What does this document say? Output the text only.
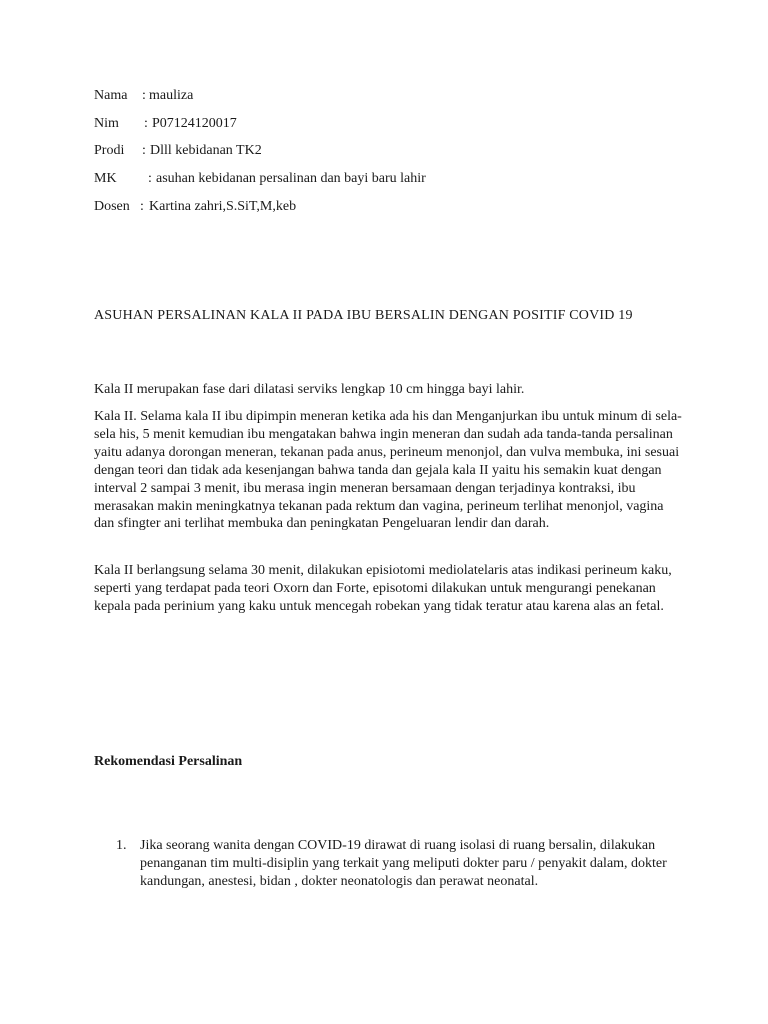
Nama : mauliza
Nim : P07124120017
Prodi : Dlll kebidanan TK2
MK : asuhan kebidanan persalinan dan bayi baru lahir
Dosen : Kartina zahri,S.SiT,M,keb
ASUHAN PERSALINAN KALA II PADA IBU BERSALIN DENGAN POSITIF COVID 19
Kala II merupakan fase dari dilatasi serviks lengkap 10 cm hingga bayi lahir.
Kala II. Selama kala II ibu dipimpin meneran ketika ada his dan Menganjurkan ibu untuk minum di sela-sela his, 5 menit kemudian ibu mengatakan bahwa ingin meneran dan sudah ada tanda-tanda persalinan yaitu adanya dorongan meneran, tekanan pada anus, perineum menonjol, dan vulva membuka, ini sesuai dengan teori dan tidak ada kesenjangan bahwa tanda dan gejala kala II yaitu his semakin kuat dengan interval 2 sampai 3 menit, ibu merasa ingin meneran bersamaan dengan terjadinya kontraksi, ibu merasakan makin meningkatnya tekanan pada rektum dan vagina, perineum terlihat menonjol, vagina dan sfingter ani terlihat membuka dan peningkatan Pengeluaran lendir dan darah.
Kala II berlangsung selama 30 menit, dilakukan episiotomi mediolatelaris atas indikasi perineum kaku, seperti yang terdapat pada teori Oxorn dan Forte, episotomi dilakukan untuk mengurangi penekanan kepala pada perinium yang kaku untuk mencegah robekan yang tidak teratur atau karena alas an fetal.
Rekomendasi Persalinan
1. Jika seorang wanita dengan COVID-19 dirawat di ruang isolasi di ruang bersalin, dilakukan penanganan tim multi-disiplin yang terkait yang meliputi dokter paru / penyakit dalam, dokter kandungan, anestesi, bidan , dokter neonatologis dan perawat neonatal.
